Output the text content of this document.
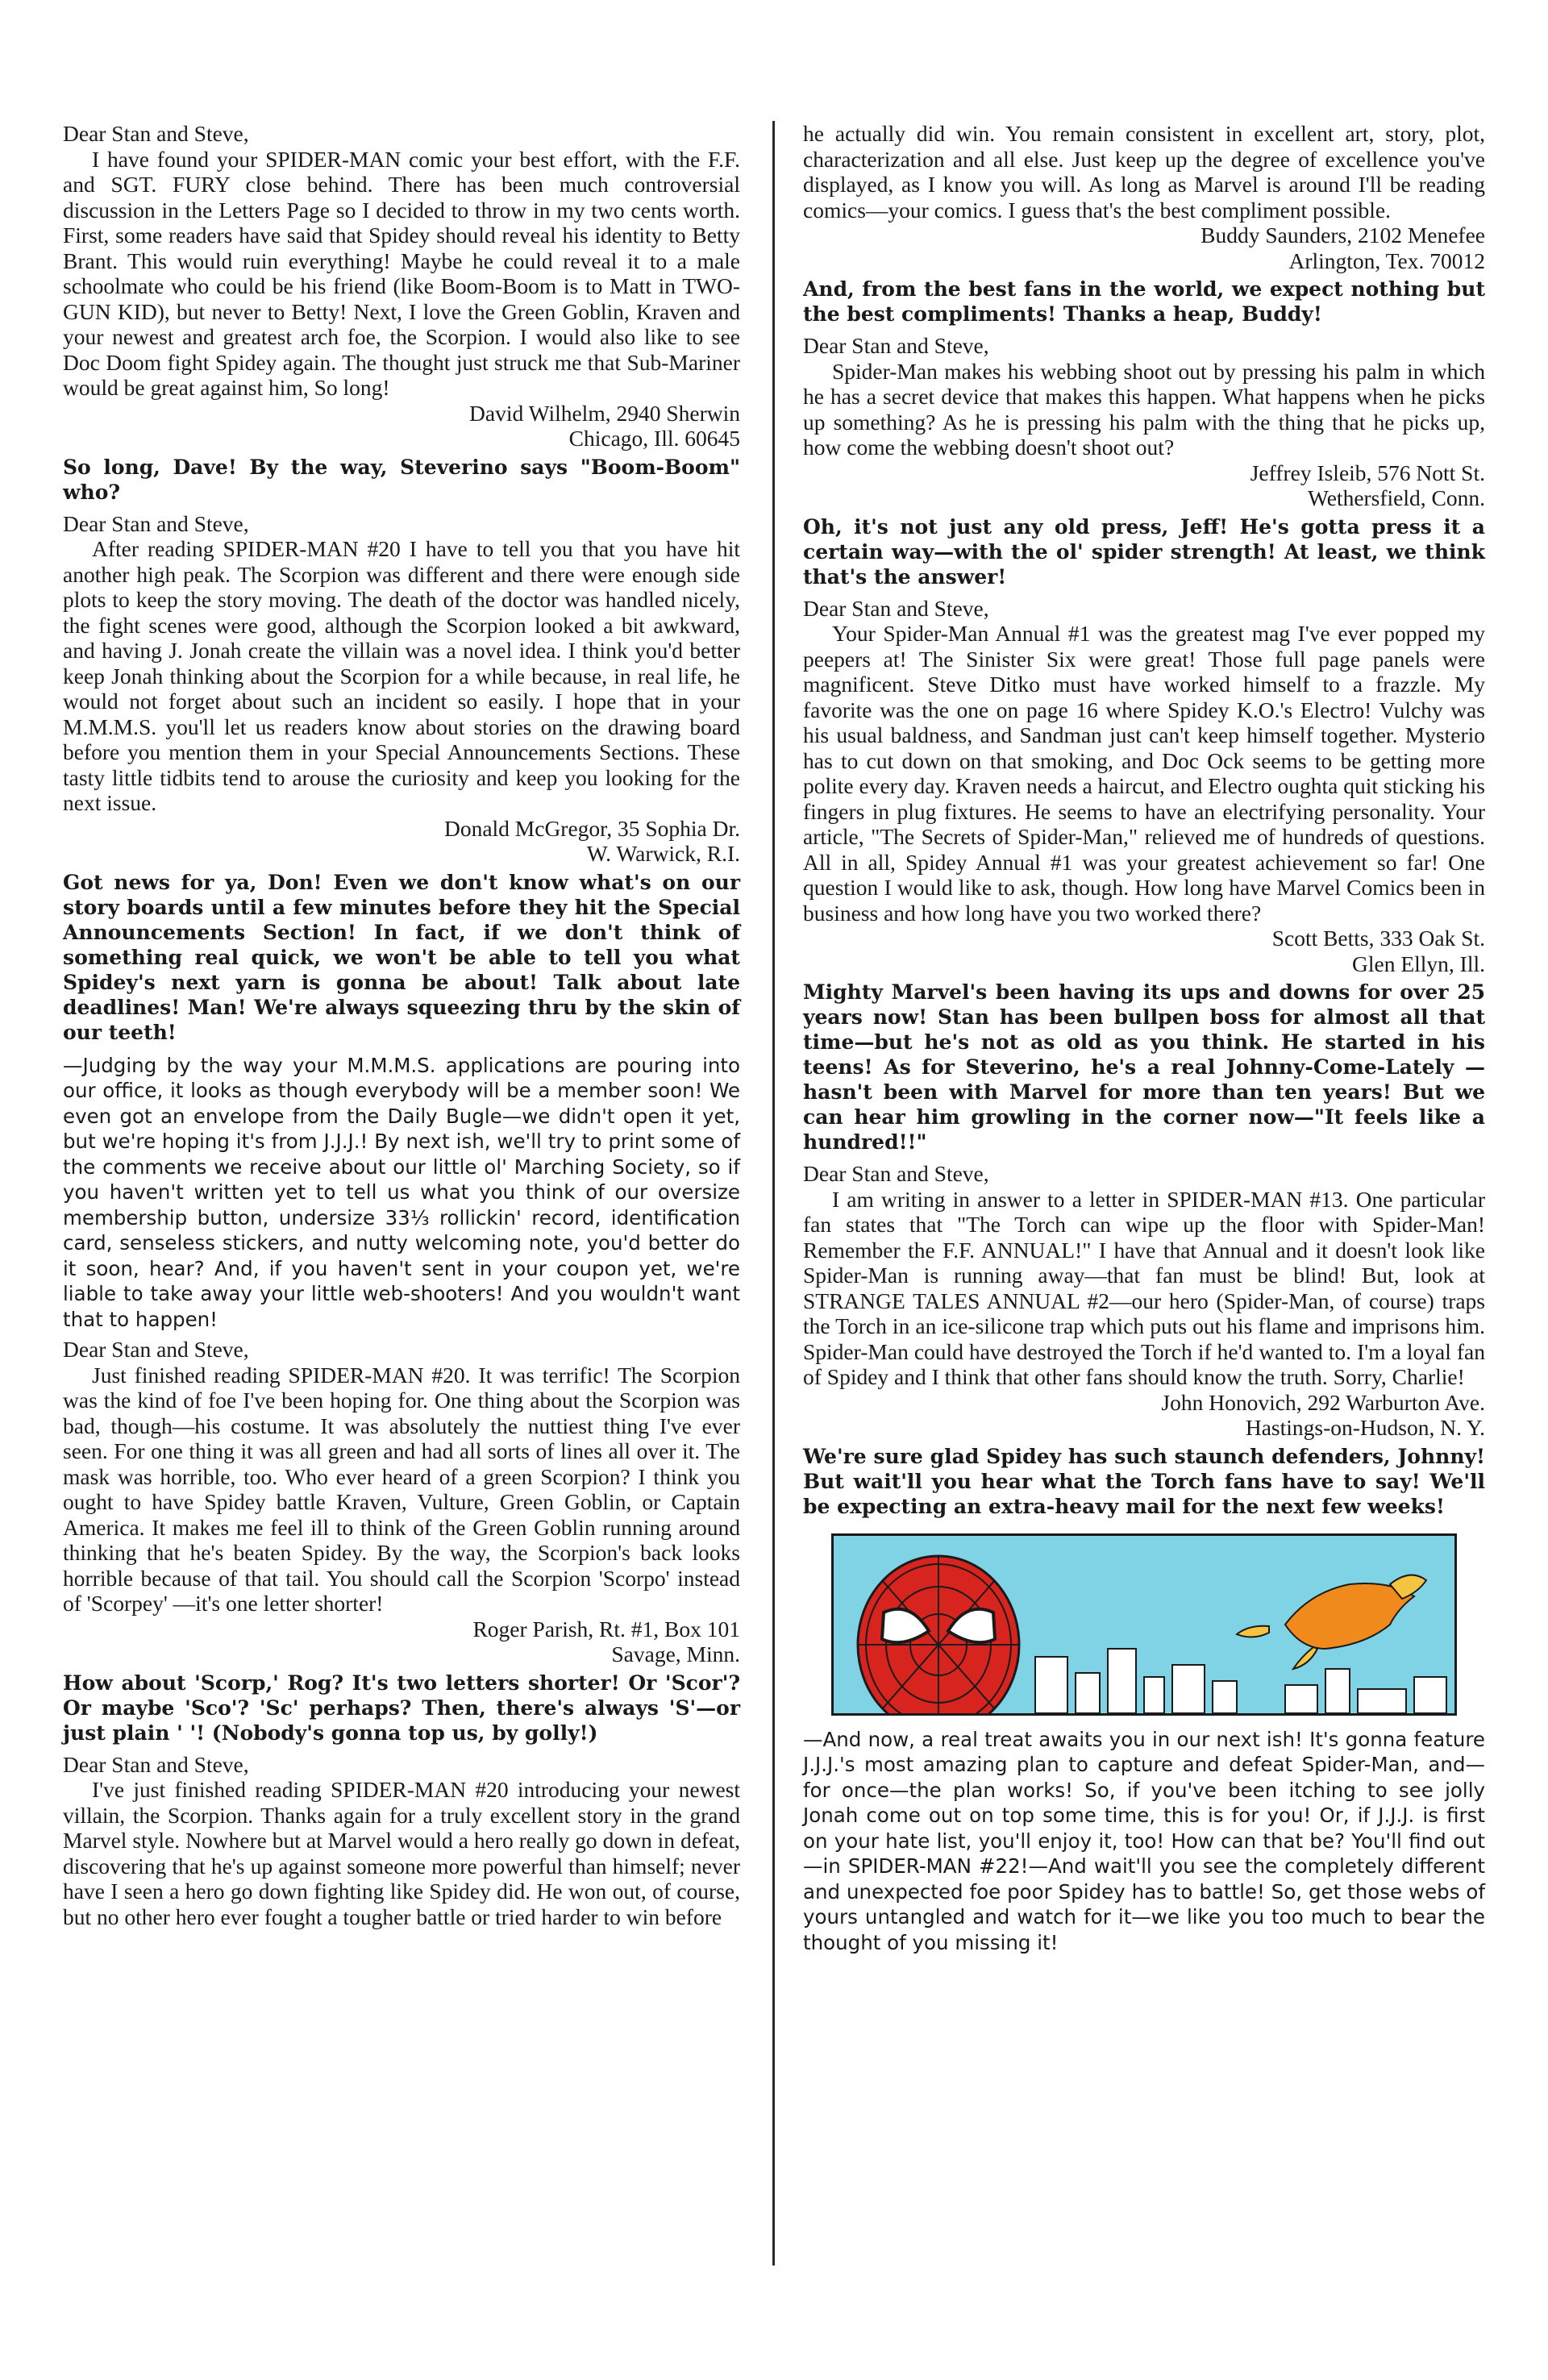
Dear Stan and Steve,

I have found your SPIDER-MAN comic your best effort, with the F.F. and SGT. FURY close behind. There has been much controversial discussion in the Letters Page so I decided to throw in my two cents worth. First, some readers have said that Spidey should reveal his identity to Betty Brant. This would ruin everything! Maybe he could reveal it to a male schoolmate who could be his friend (like Boom-Boom is to Matt in TWO-GUN KID), but never to Betty! Next, I love the Green Goblin, Kraven and your newest and greatest arch foe, the Scorpion. I would also like to see Doc Doom fight Spidey again. The thought just struck me that Sub-Mariner would be great against him, So long!

David Wilhelm, 2940 Sherwin

Chicago, Ill. 60645

So long, Dave! By the way, Steverino says "Boom-Boom" who?

Dear Stan and Steve,

After reading SPIDER-MAN #20 I have to tell you that you have hit another high peak. The Scorpion was different and there were enough side plots to keep the story moving. The death of the doctor was handled nicely, the fight scenes were good, although the Scorpion looked a bit awkward, and having J. Jonah create the villain was a novel idea. I think you'd better keep Jonah thinking about the Scorpion for a while because, in real life, he would not forget about such an incident so easily. I hope that in your M.M.M.S. you'll let us readers know about stories on the drawing board before you mention them in your Special Announcements Sections. These tasty little tidbits tend to arouse the curiosity and keep you looking for the next issue.

Donald McGregor, 35 Sophia Dr.

W. Warwick, R.I.

Got news for ya, Don! Even we don't know what's on our story boards until a few minutes before they hit the Special Announcements Section! In fact, if we don't think of something real quick, we won't be able to tell you what Spidey's next yarn is gonna be about! Talk about late deadlines! Man! We're always squeezing thru by the skin of our teeth!

—Judging by the way your M.M.M.S. applications are pouring into our office, it looks as though everybody will be a member soon! We even got an envelope from the Daily Bugle—we didn't open it yet, but we're hoping it's from J.J.J.! By next ish, we'll try to print some of the comments we receive about our little ol' Marching Society, so if you haven't written yet to tell us what you think of our oversize membership button, undersize 33⅓ rollickin' record, identification card, senseless stickers, and nutty welcoming note, you'd better do it soon, hear? And, if you haven't sent in your coupon yet, we're liable to take away your little web-shooters! And you wouldn't want that to happen!

Dear Stan and Steve,

Just finished reading SPIDER-MAN #20. It was terrific! The Scorpion was the kind of foe I've been hoping for. One thing about the Scorpion was bad, though—his costume. It was absolutely the nuttiest thing I've ever seen. For one thing it was all green and had all sorts of lines all over it. The mask was horrible, too. Who ever heard of a green Scorpion? I think you ought to have Spidey battle Kraven, Vulture, Green Goblin, or Captain America. It makes me feel ill to think of the Green Goblin running around thinking that he's beaten Spidey. By the way, the Scorpion's back looks horrible because of that tail. You should call the Scorpion 'Scorpo' instead of 'Scorpey' —it's one letter shorter!

Roger Parish, Rt. #1, Box 101

Savage, Minn.

How about 'Scorp,' Rog? It's two letters shorter! Or 'Scor'? Or maybe 'Sco'? 'Sc' perhaps? Then, there's always 'S'—or just plain ' '! (Nobody's gonna top us, by golly!)

Dear Stan and Steve,

I've just finished reading SPIDER-MAN #20 introducing your newest villain, the Scorpion. Thanks again for a truly excellent story in the grand Marvel style. Nowhere but at Marvel would a hero really go down in defeat, discovering that he's up against someone more powerful than himself; never have I seen a hero go down fighting like Spidey did. He won out, of course, but no other hero ever fought a tougher battle or tried harder to win before

he actually did win. You remain consistent in excellent art, story, plot, characterization and all else. Just keep up the degree of excellence you've displayed, as I know you will. As long as Marvel is around I'll be reading comics—your comics. I guess that's the best compliment possible.

Buddy Saunders, 2102 Menefee

Arlington, Tex. 70012

And, from the best fans in the world, we expect nothing but the best compliments! Thanks a heap, Buddy!

Dear Stan and Steve,

Spider-Man makes his webbing shoot out by pressing his palm in which he has a secret device that makes this happen. What happens when he picks up something? As he is pressing his palm with the thing that he picks up, how come the webbing doesn't shoot out?

Jeffrey Isleib, 576 Nott St.

Wethersfield, Conn.

Oh, it's not just any old press, Jeff! He's gotta press it a certain way—with the ol' spider strength! At least, we think that's the answer!

Dear Stan and Steve,

Your Spider-Man Annual #1 was the greatest mag I've ever popped my peepers at! The Sinister Six were great! Those full page panels were magnificent. Steve Ditko must have worked himself to a frazzle. My favorite was the one on page 16 where Spidey K.O.'s Electro! Vulchy was his usual baldness, and Sandman just can't keep himself together. Mysterio has to cut down on that smoking, and Doc Ock seems to be getting more polite every day. Kraven needs a haircut, and Electro oughta quit sticking his fingers in plug fixtures. He seems to have an electrifying personality. Your article, "The Secrets of Spider-Man," relieved me of hundreds of questions. All in all, Spidey Annual #1 was your greatest achievement so far! One question I would like to ask, though. How long have Marvel Comics been in business and how long have you two worked there?

Scott Betts, 333 Oak St.

Glen Ellyn, Ill.

Mighty Marvel's been having its ups and downs for over 25 years now! Stan has been bullpen boss for almost all that time—but he's not as old as you think. He started in his teens! As for Steverino, he's a real Johnny-Come-Lately — hasn't been with Marvel for more than ten years! But we can hear him growling in the corner now—"It feels like a hundred!!"

Dear Stan and Steve,

I am writing in answer to a letter in SPIDER-MAN #13. One particular fan states that "The Torch can wipe up the floor with Spider-Man! Remember the F.F. ANNUAL!" I have that Annual and it doesn't look like Spider-Man is running away—that fan must be blind! But, look at STRANGE TALES ANNUAL #2—our hero (Spider-Man, of course) traps the Torch in an ice-silicone trap which puts out his flame and imprisons him. Spider-Man could have destroyed the Torch if he'd wanted to. I'm a loyal fan of Spidey and I think that other fans should know the truth. Sorry, Charlie!

John Honovich, 292 Warburton Ave.

Hastings-on-Hudson, N. Y.

We're sure glad Spidey has such staunch defenders, Johnny! But wait'll you hear what the Torch fans have to say! We'll be expecting an extra-heavy mail for the next few weeks!

—And now, a real treat awaits you in our next ish! It's gonna feature J.J.J.'s most amazing plan to capture and defeat Spider-Man, and—for once—the plan works! So, if you've been itching to see jolly Jonah come out on top some time, this is for you! Or, if J.J.J. is first on your hate list, you'll enjoy it, too! How can that be? You'll find out—in SPIDER-MAN #22!—And wait'll you see the completely different and unexpected foe poor Spidey has to battle! So, get those webs of yours untangled and watch for it—we like you too much to bear the thought of you missing it!
